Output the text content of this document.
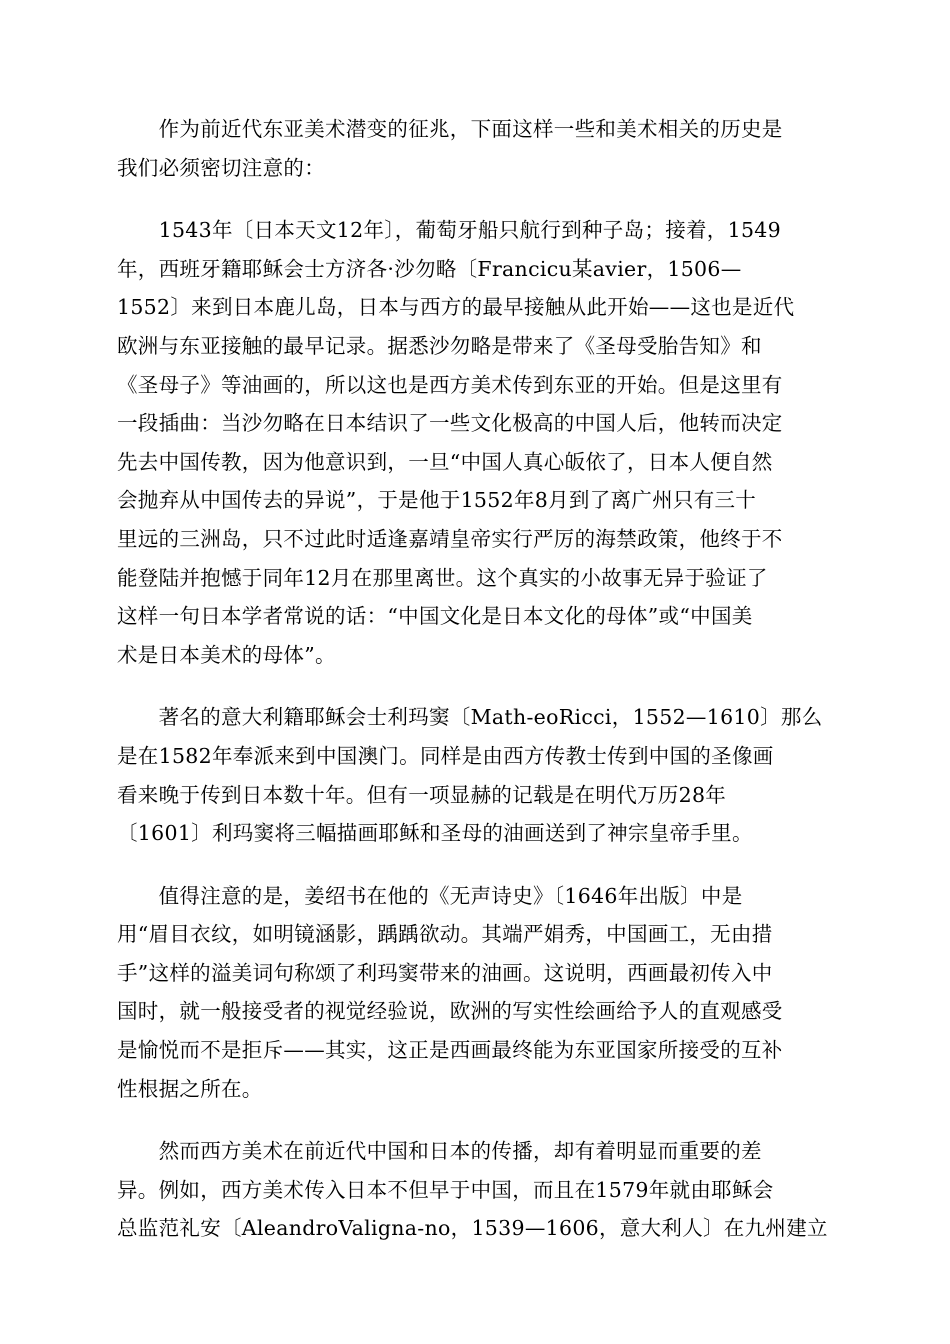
　　作为前近代东亚美术潜变的征兆，下面这样一些和美术相关的历史是
我们必须密切注意的：

　　1543年〔日本天文12年〕，葡萄牙船只航行到种子岛；接着，1549
年，西班牙籍耶稣会士方济各·沙勿略〔Francicu某avier，1506—
1552〕来到日本鹿儿岛，日本与西方的最早接触从此开始——这也是近代
欧洲与东亚接触的最早记录。据悉沙勿略是带来了《圣母受胎告知》和
《圣母子》等油画的，所以这也是西方美术传到东亚的开始。但是这里有
一段插曲：当沙勿略在日本结识了一些文化极高的中国人后，他转而决定
先去中国传教，因为他意识到，一旦“中国人真心皈依了，日本人便自然
会抛弃从中国传去的异说”，于是他于1552年8月到了离广州只有三十
里远的三洲岛，只不过此时适逢嘉靖皇帝实行严厉的海禁政策，他终于不
能登陆并抱憾于同年12月在那里离世。这个真实的小故事无异于验证了
这样一句日本学者常说的话：“中国文化是日本文化的母体”或“中国美
术是日本美术的母体”。

　　著名的意大利籍耶稣会士利玛窦〔Math-eoRicci，1552—1610〕那么
是在1582年奉派来到中国澳门。同样是由西方传教士传到中国的圣像画
看来晚于传到日本数十年。但有一项显赫的记载是在明代万历28年
〔1601〕利玛窦将三幅描画耶稣和圣母的油画送到了神宗皇帝手里。

　　值得注意的是，姜绍书在他的《无声诗史》〔1646年出版〕中是
用“眉目衣纹，如明镜涵影，踽踽欲动。其端严娟秀，中国画工，无由措
手”这样的溢美词句称颂了利玛窦带来的油画。这说明，西画最初传入中
国时，就一般接受者的视觉经验说，欧洲的写实性绘画给予人的直观感受
是愉悦而不是拒斥——其实，这正是西画最终能为东亚国家所接受的互补
性根据之所在。

　　然而西方美术在前近代中国和日本的传播，却有着明显而重要的差
异。例如，西方美术传入日本不但早于中国，而且在1579年就由耶稣会
总监范礼安〔AleandroValigna-no，1539—1606，意大利人〕在九州建立
